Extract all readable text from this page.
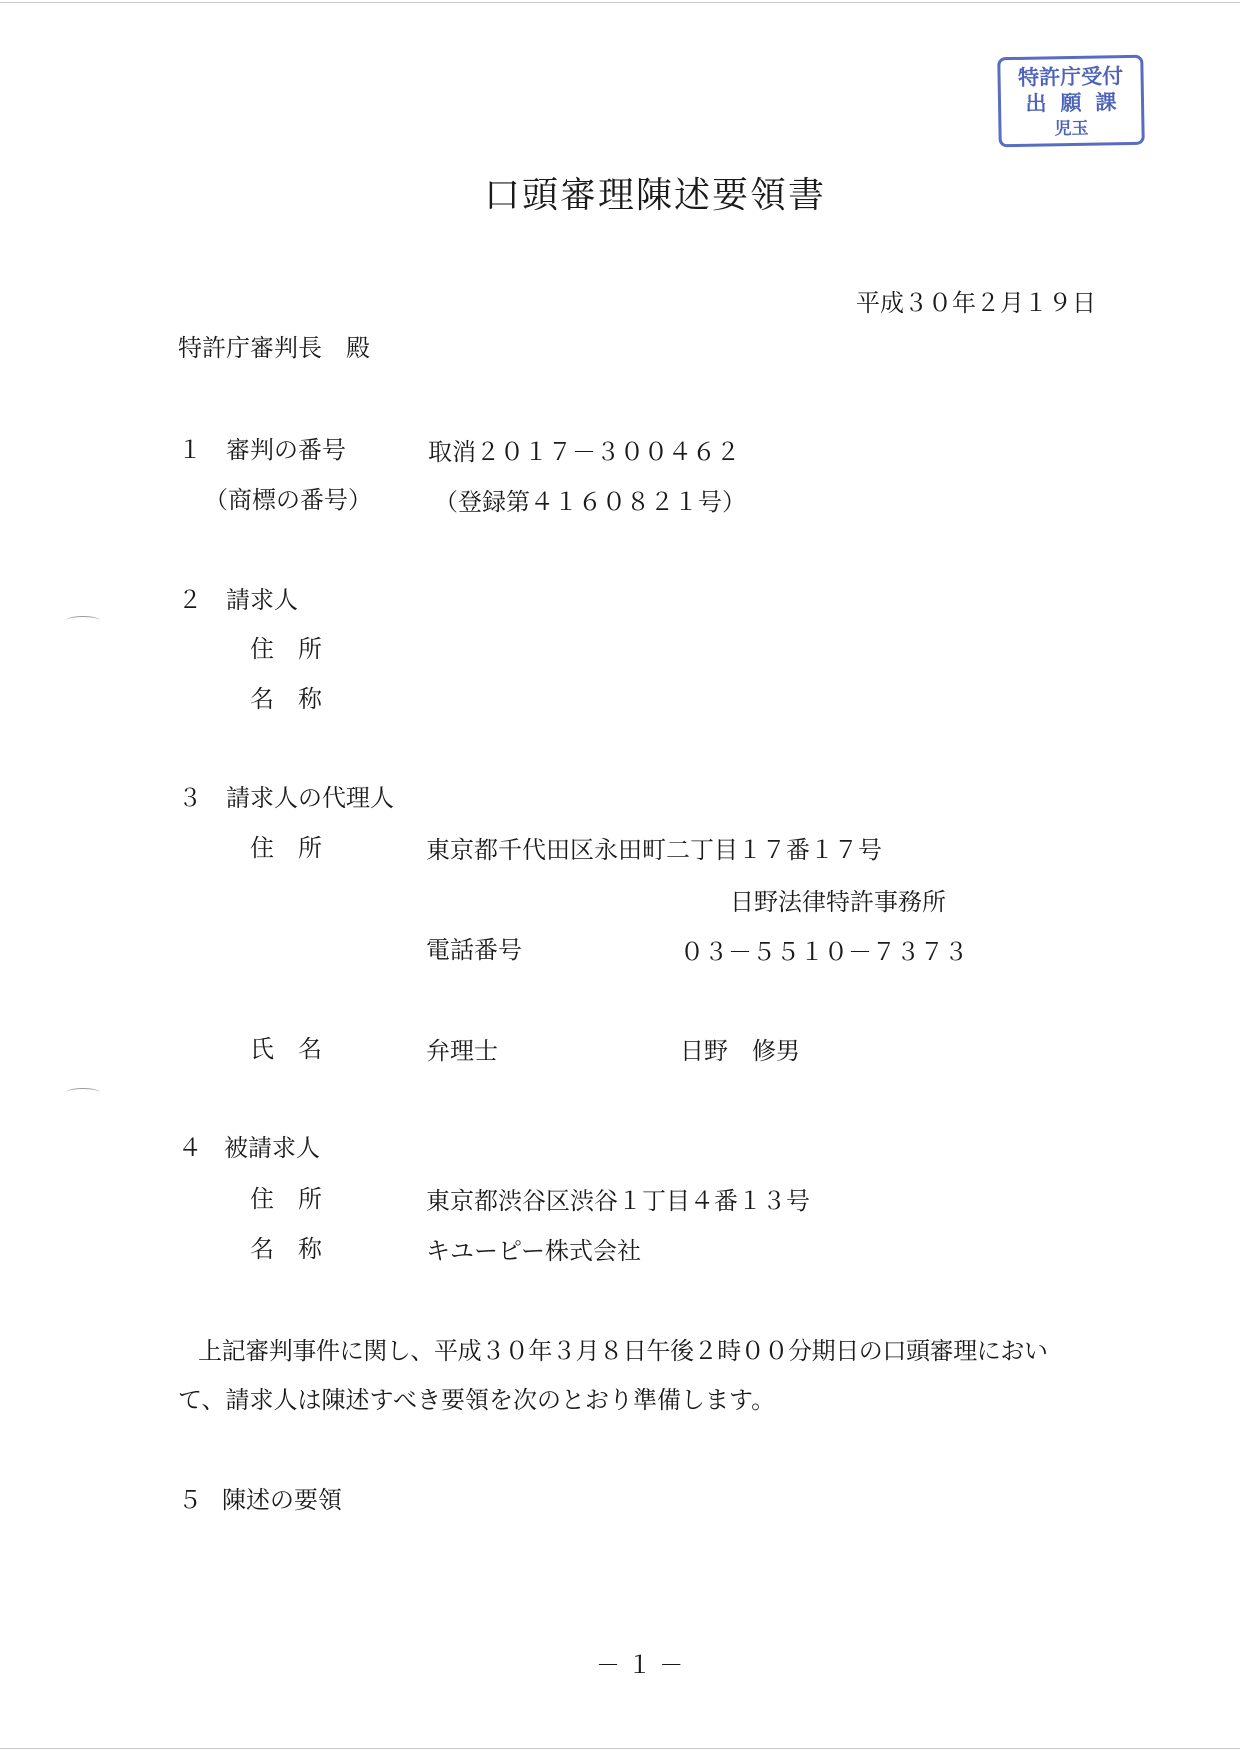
特許庁受付
出願課
児玉
口頭審理陳述要領書
平成３０年２月１９日
特許庁審判長　殿
１ 審判の番号	取消２０１７－３００４６２
（商標の番号）	（登録第４１６０８２１号）
２ 請求人
住　所
名　称
３ 請求人の代理人
住　所	東京都千代田区永田町二丁目１７番１７号
日野法律特許事務所
電話番号	０３－５５１０－７３７３
氏　名	弁理士	日野　修男
４ 被請求人
住　所	東京都渋谷区渋谷１丁目４番１３号
名　称	キユーピー株式会社
上記審判事件に関し、平成３０年３月８日午後２時００分期日の口頭審理におい
て、請求人は陳述すべき要領を次のとおり準備します。
５ 陳述の要領
－ １ －
